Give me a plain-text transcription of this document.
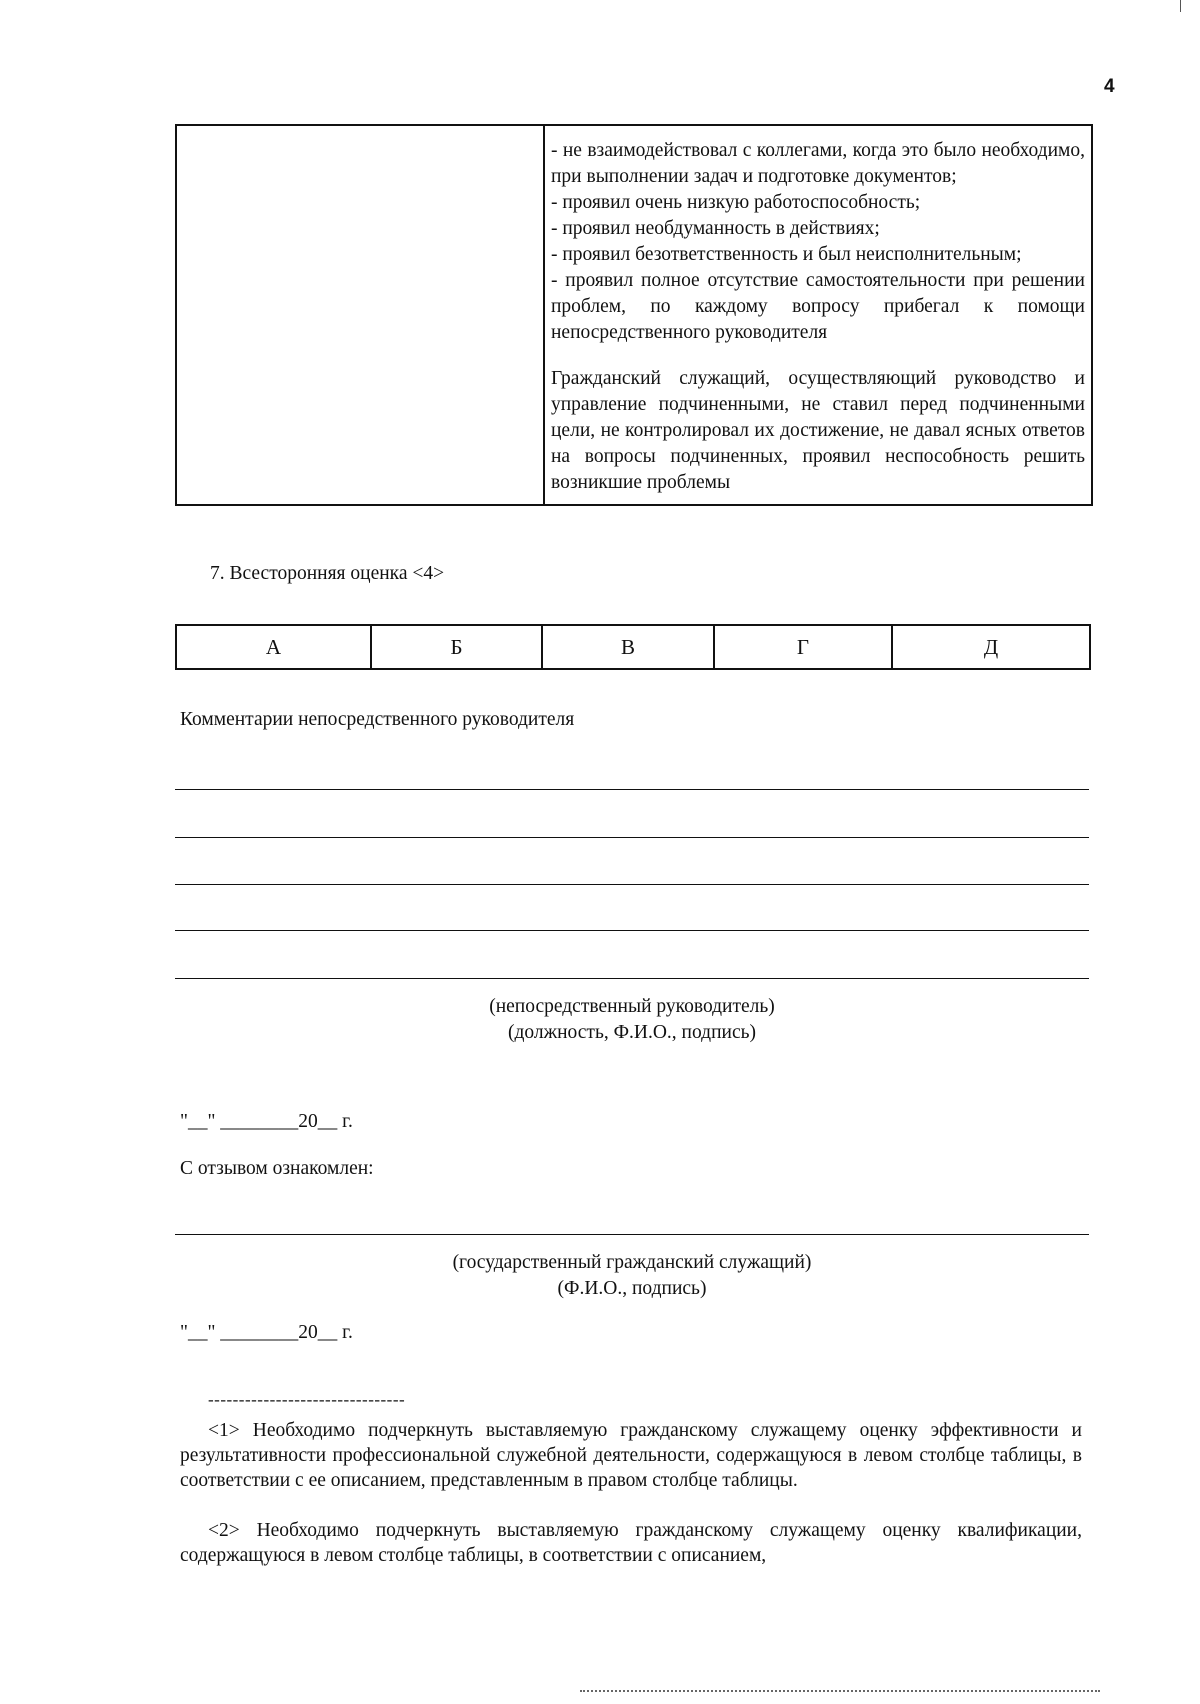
4

- не взаимодействовал с коллегами, когда это было необходимо, при выполнении задач и подготовке документов;
- проявил очень низкую работоспособность;
- проявил необдуманность в действиях;
- проявил безответственность и был неисполнительным;
- проявил полное отсутствие самостоятельности при решении проблем, по каждому вопросу прибегал к помощи непосредственного руководителя
Гражданский служащий, осуществляющий руководство и управление подчиненными, не ставил перед подчиненными цели, не контролировал их достижение, не давал ясных ответов на вопросы подчиненных, проявил неспособность решить возникшие проблемы
7. Всесторонняя оценка <4>
А	Б	В	Г	Д
Комментарии непосредственного руководителя
(непосредственный руководитель)
(должность, Ф.И.О., подпись)
"__" ________20__ г.
С отзывом ознакомлен:
(государственный гражданский служащий)
(Ф.И.О., подпись)
"__" ________20__ г.
--------------------------------
<1> Необходимо подчеркнуть выставляемую гражданскому служащему оценку эффективности и результативности профессиональной служебной деятельности, содержащуюся в левом столбце таблицы, в соответствии с ее описанием, представленным в правом столбце таблицы.
<2> Необходимо подчеркнуть выставляемую гражданскому служащему оценку квалификации, содержащуюся в левом столбце таблицы, в соответствии с описанием,
